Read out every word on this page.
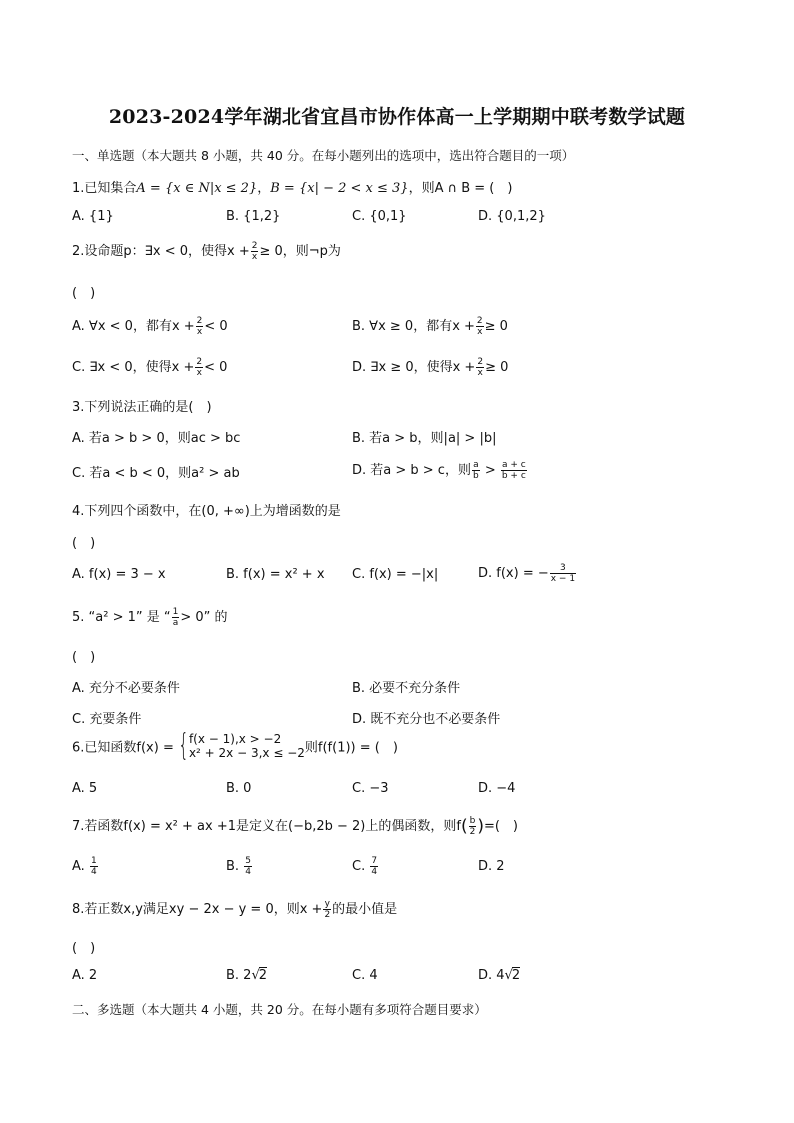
2023-2024学年湖北省宜昌市协作体高一上学期期中联考数学试题
一、单选题（本大题共 8 小题，共 40 分。在每小题列出的选项中，选出符合题目的一项）
1.已知集合A = {x ∈ N|x ≤ 2}，B = {x| − 2 < x ≤ 3}，则A ∩ B = (　)
A. {1}	B. {1,2}	C. {0,1}	D. {0,1,2}
2.设命题p：∃x < 0，使得$x + \frac{2}{x} \ge 0$，则¬p为
(　)
A. ∀x < 0，都有$x + \frac{2}{x} < 0$	B. ∀x ≥ 0，都有$x + \frac{2}{x} \ge 0$
C. ∃x < 0，使得$x + \frac{2}{x} < 0$	D. ∃x ≥ 0，使得$x + \frac{2}{x} \ge 0$
3.下列说法正确的是(　)
A. 若a > b > 0，则ac > bc	B. 若a > b，则|a| > |b|
C. 若a < b < 0，则a² > ab	D. 若a > b > c，则 $\frac{a}{b} > \frac{a + c}{b + c}$
4.下列四个函数中，在(0, +∞)上为增函数的是
(　)
A. f(x) = 3 − x	B. f(x) = x² + x C. f(x) = −|x|	D. f(x) = − $\frac{3}{x - 1}$
5. “a² > 1” 是 “ $\frac{1}{a} > 0$” 的
(　)
A. 充分不必要条件	B. 必要不充分条件
C. 充要条件	D. 既不充分也不必要条件
6.已知函数f(x) = { f(x − 1),x > −2
x² + 2x − 3,x ≤ −2 则f(f(1)) = (　)
A. 5	B. 0	C. −3	D. −4
7.若函数f(x) = x² + ax +1是定义在(−b,2b − 2)上的偶函数，则$f( \frac{b}{2}$ )=(　)
A. $\frac{1}{4}$	B. $\frac{5}{4}$	C. $\frac{7}{4}$	D. 2
8.若正数x,y满足xy − 2x − y = 0，则$x + \frac{y}{2}$ 的最小值是
(　)
A. 2	B. 2√2	C. 4	D. 4√2
二、多选题（本大题共 4 小题，共 20 分。在每小题有多项符合题目要求）
